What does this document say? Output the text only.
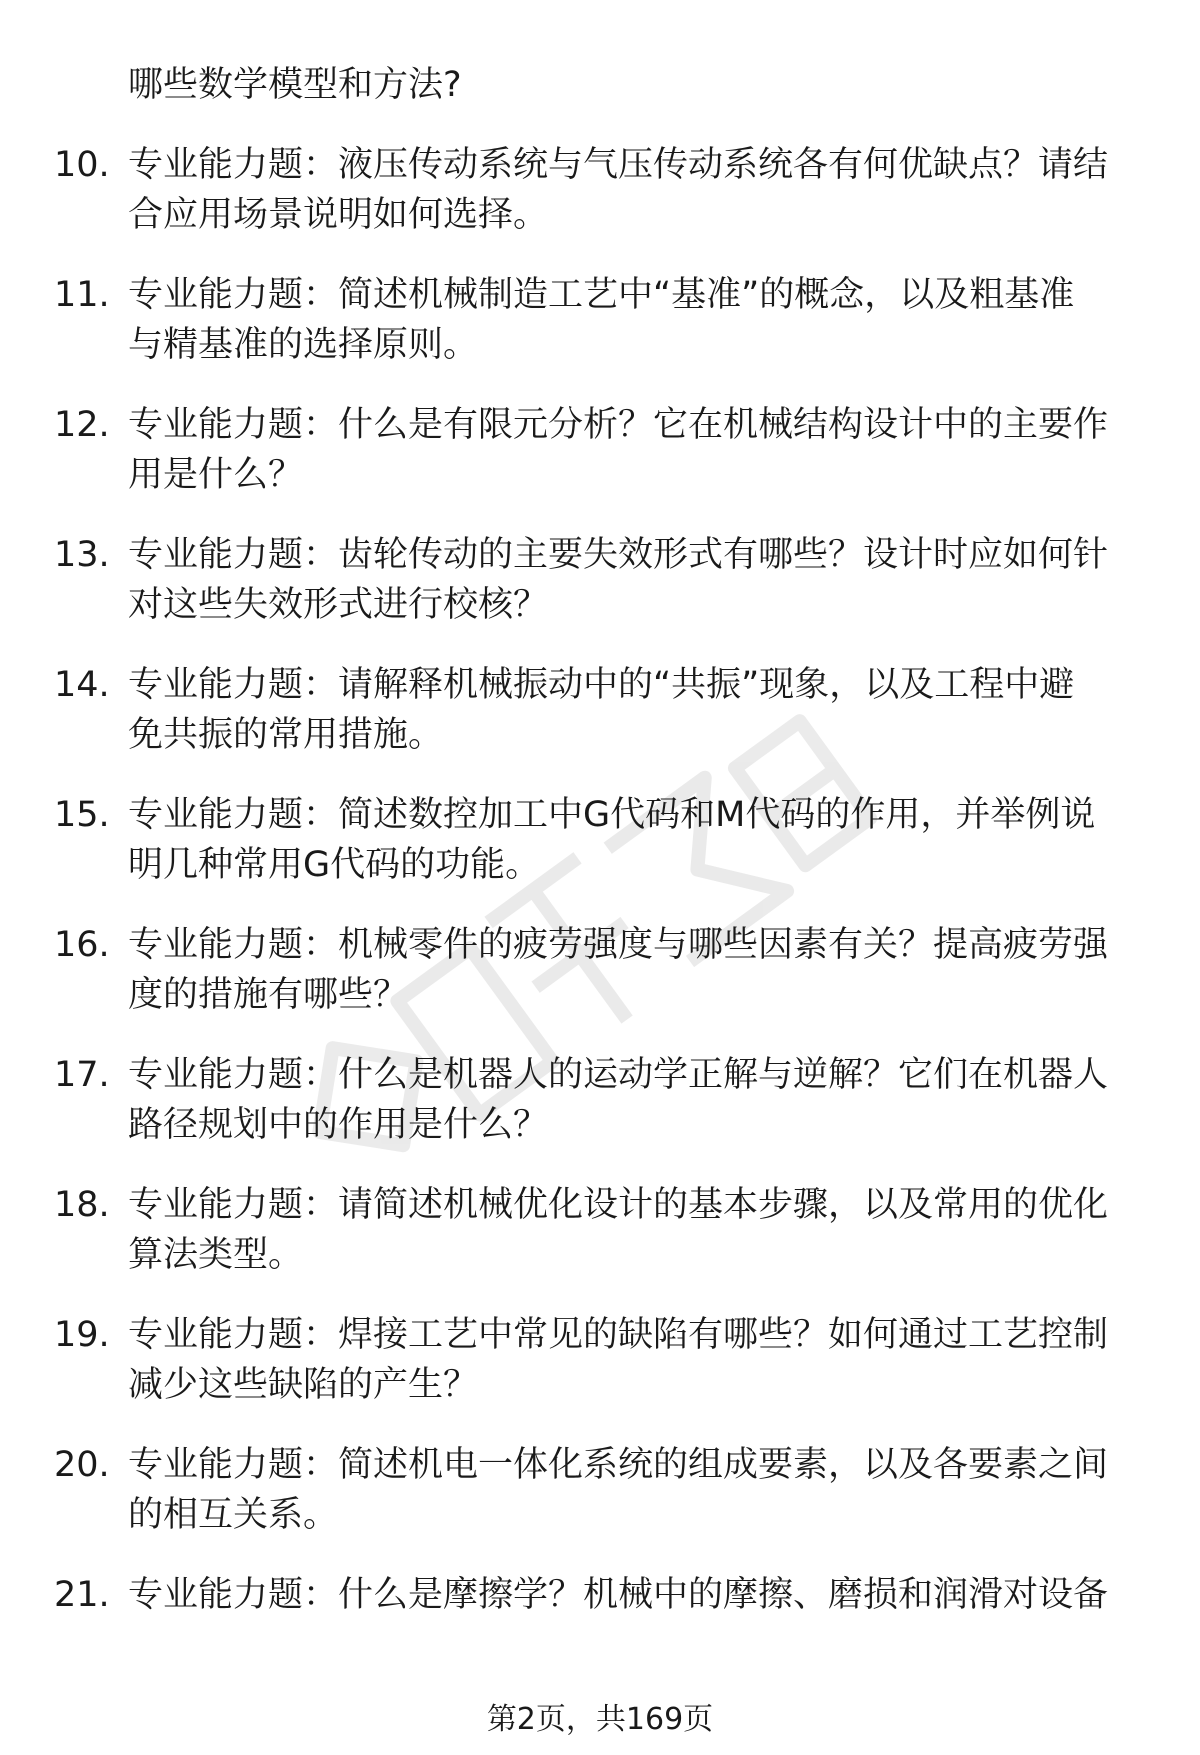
哪些数学模型和方法?
10. 专业能力题：液压传动系统与气压传动系统各有何优缺点？请结
合应用场景说明如何选择。
11. 专业能力题：简述机械制造工艺中“基准”的概念，以及粗基准
与精基准的选择原则。
12. 专业能力题：什么是有限元分析？它在机械结构设计中的主要作
用是什么？
13. 专业能力题：齿轮传动的主要失效形式有哪些？设计时应如何针
对这些失效形式进行校核？
14. 专业能力题：请解释机械振动中的“共振”现象，以及工程中避
免共振的常用措施。
15. 专业能力题：简述数控加工中G代码和M代码的作用，并举例说
明几种常用G代码的功能。
16. 专业能力题：机械零件的疲劳强度与哪些因素有关？提高疲劳强
度的措施有哪些？
17. 专业能力题：什么是机器人的运动学正解与逆解？它们在机器人
路径规划中的作用是什么？
18. 专业能力题：请简述机械优化设计的基本步骤，以及常用的优化
算法类型。
19. 专业能力题：焊接工艺中常见的缺陷有哪些？如何通过工艺控制
减少这些缺陷的产生？
20. 专业能力题：简述机电一体化系统的组成要素，以及各要素之间
的相互关系。
21. 专业能力题：什么是摩擦学？机械中的摩擦、磨损和润滑对设备
第2页，共169页
